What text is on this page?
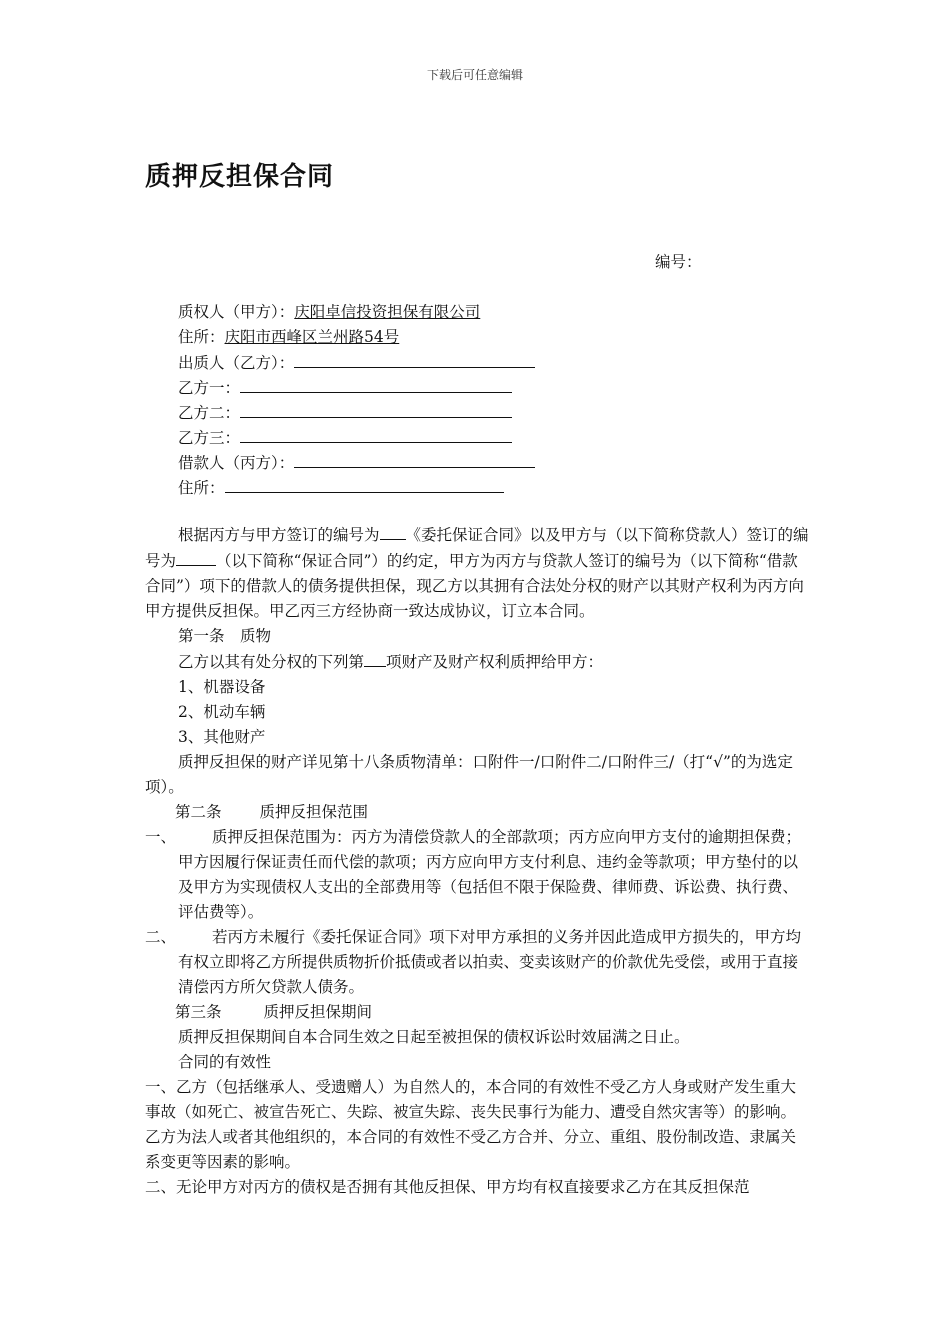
下载后可任意编辑
质押反担保合同
编号：
质权人（甲方）：庆阳卓信投资担保有限公司
住所：庆阳市西峰区兰州路54号
出质人（乙方）：
乙方一：
乙方二：
乙方三：
借款人（丙方）：
住所：

根据丙方与甲方签订的编号为 《委托保证合同》以及甲方与（以下简称贷款人）签订的编号为	（以下简称“保证合同”）的约定，甲方为丙方与贷款人签订的编号为（以下简称“借款合同”）项下的借款人的债务提供担保，现乙方以其拥有合法处分权的财产以其财产权利为丙方向甲方提供反担保。甲乙丙三方经协商一致达成协议，订立本合同。

第一条　质物

乙方以其有处分权的下列第 项财产及财产权利质押给甲方：

1、机器设备

2、机动车辆

3、其他财产

质押反担保的财产详见第十八条质物清单：口附件一/口附件二/口附件三/（打“√”的为选定项）。

第二条 质押反担保范围

一、 质押反担保范围为：丙方为清偿贷款人的全部款项；丙方应向甲方支付的逾期担保费；甲方因履行保证责任而代偿的款项；丙方应向甲方支付利息、违约金等款项；甲方垫付的以及甲方为实现债权人支出的全部费用等（包括但不限于保险费、律师费、诉讼费、执行费、评估费等）。
二、 若丙方未履行《委托保证合同》项下对甲方承担的义务并因此造成甲方损失的，甲方均有权立即将乙方所提供质物折价抵债或者以拍卖、变卖该财产的价款优先受偿，或用于直接清偿丙方所欠贷款人债务。

第三条	质押反担保期间

质押反担保期间自本合同生效之日起至被担保的债权诉讼时效届满之日止。

合同的有效性

一、乙方（包括继承人、受遗赠人）为自然人的，本合同的有效性不受乙方人身或财产发生重大事故（如死亡、被宣告死亡、失踪、被宣失踪、丧失民事行为能力、遭受自然灾害等）的影响。乙方为法人或者其他组织的，本合同的有效性不受乙方合并、分立、重组、股份制改造、隶属关系变更等因素的影响。

二、无论甲方对丙方的债权是否拥有其他反担保、甲方均有权直接要求乙方在其反担保范
